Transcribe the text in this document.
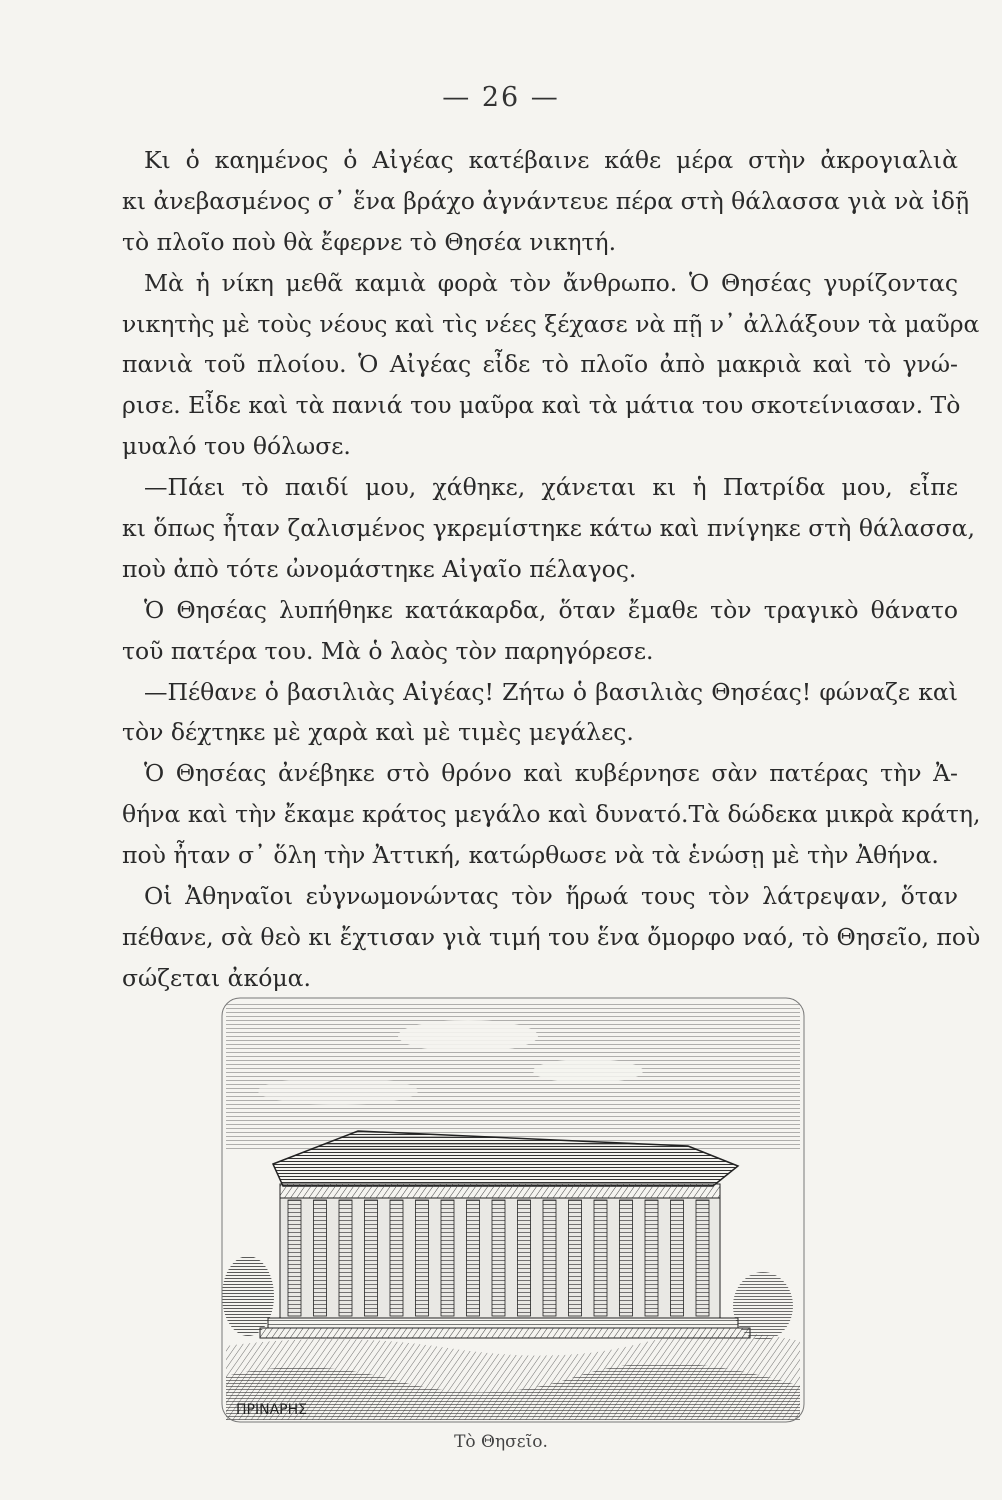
— 26 —
Κι ὁ καημένος ὁ Αἰγέας κατέβαινε κάθε μέρα στὴν ἀκρογιαλιὰ
κι ἀνεβασμένος σ᾿ ἕνα βράχο ἀγνάντευε πέρα στὴ θάλασσα γιὰ νὰ ἰδῇ
τὸ πλοῖο ποὺ θὰ ἔφερνε τὸ Θησέα νικητή.
Μὰ ἡ νίκη μεθᾶ καμιὰ φορὰ τὸν ἄνθρωπο. Ὁ Θησέας γυρίζοντας
νικητὴς μὲ τοὺς νέους καὶ τὶς νέες ξέχασε νὰ πῇ ν᾿ ἀλλάξουν τὰ μαῦρα
πανιὰ τοῦ πλοίου. Ὁ Αἰγέας εἶδε τὸ πλοῖο ἀπὸ μακριὰ καὶ τὸ γνώ-
ρισε. Εἶδε καὶ τὰ πανιά του μαῦρα καὶ τὰ μάτια του σκοτείνιασαν. Τὸ
μυαλό του θόλωσε.
—Πάει τὸ παιδί μου, χάθηκε, χάνεται κι ἡ Πατρίδα μου, εἶπε
κι ὅπως ἦταν ζαλισμένος γκρεμίστηκε κάτω καὶ πνίγηκε στὴ θάλασσα,
ποὺ ἀπὸ τότε ὠνομάστηκε Αἰγαῖο πέλαγος.
Ὁ Θησέας λυπήθηκε κατάκαρδα, ὅταν ἔμαθε τὸν τραγικὸ θάνατο
τοῦ πατέρα του. Μὰ ὁ λαὸς τὸν παρηγόρεσε.
—Πέθανε ὁ βασιλιὰς Αἰγέας! Ζήτω ὁ βασιλιὰς Θησέας! φώναζε καὶ
τὸν δέχτηκε μὲ χαρὰ καὶ μὲ τιμὲς μεγάλες.
Ὁ Θησέας ἀνέβηκε στὸ θρόνο καὶ κυβέρνησε σὰν πατέρας τὴν Ἀ-
θήνα καὶ τὴν ἔκαμε κράτος μεγάλο καὶ δυνατό.Τὰ δώδεκα μικρὰ κράτη,
ποὺ ἦταν σ᾿ ὅλη τὴν Ἀττική, κατώρθωσε νὰ τὰ ἑνώσῃ μὲ τὴν Ἀθήνα.
Οἱ Ἀθηναῖοι εὐγνωμονώντας τὸν ἥρωά τους τὸν λάτρεψαν, ὅταν
πέθανε, σὰ θεὸ κι ἔχτισαν γιὰ τιμή του ἕνα ὄμορφο ναό, τὸ Θησεῖο, ποὺ
σώζεται ἀκόμα.
ΠΡΙΝΑΡΗΣ
Τὸ Θησεῖο.
